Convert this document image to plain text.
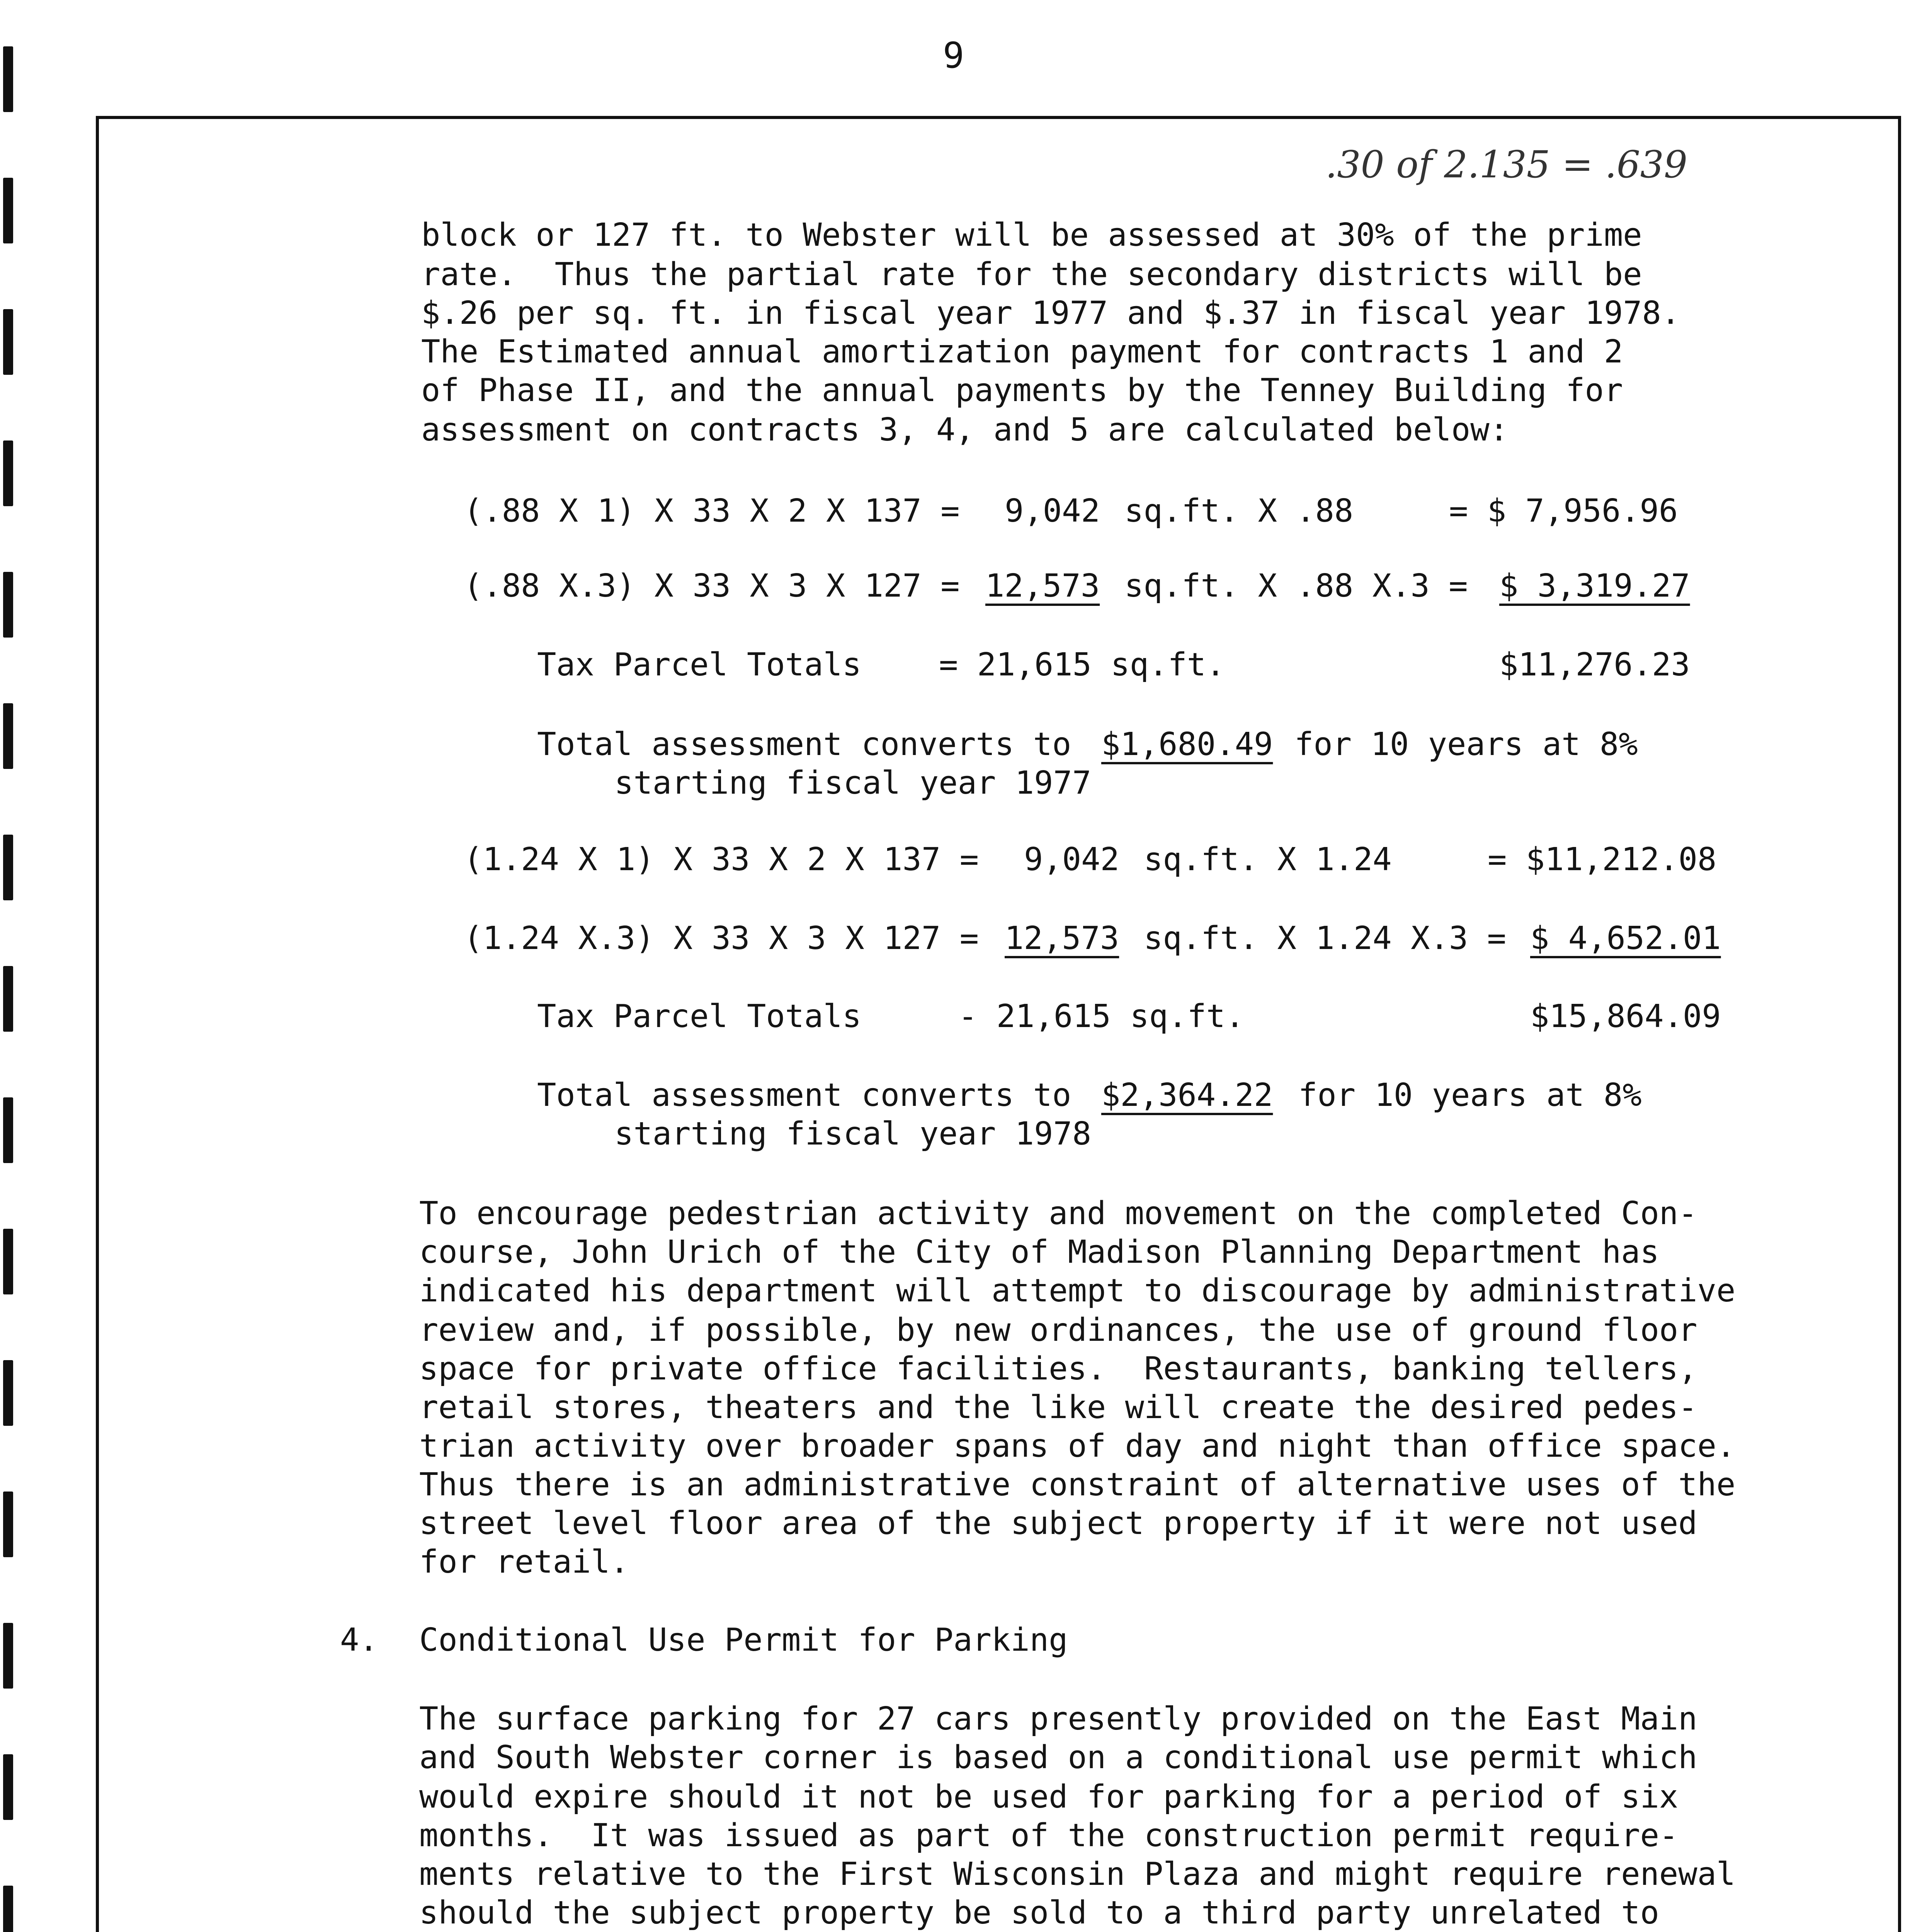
9
.30 of 2.135 = .639
block or 127 ft. to Webster will be assessed at 30% of the prime
rate.  Thus the partial rate for the secondary districts will be
$.26 per sq. ft. in fiscal year 1977 and $.37 in fiscal year 1978.
The Estimated annual amortization payment for contracts 1 and 2
of Phase II, and the annual payments by the Tenney Building for
assessment on contracts 3, 4, and 5 are calculated below:
(.88 X 1) X 33 X 2 X 137 = 9,042 sq.ft. X .88	= $ 7,956.96
(.88 X.3) X 33 X 3 X 127 = 12,573 sq.ft. X .88 X.3 = $ 3,319.27
Tax Parcel Totals = 21,615 sq.ft.	$11,276.23
Total assessment converts to $1,680.49 for 10 years at 8%
starting fiscal year 1977
(1.24 X 1) X 33 X 2 X 137 = 9,042 sq.ft. X 1.24	= $11,212.08
(1.24 X.3) X 33 X 3 X 127 = 12,573 sq.ft. X 1.24 X.3 = $ 4,652.01
Tax Parcel Totals	- 21,615 sq.ft.	$15,864.09
Total assessment converts to $2,364.22 for 10 years at 8%
starting fiscal year 1978
To encourage pedestrian activity and movement on the completed Con-
course, John Urich of the City of Madison Planning Department has
indicated his department will attempt to discourage by administrative
review and, if possible, by new ordinances, the use of ground floor
space for private office facilities.  Restaurants, banking tellers,
retail stores, theaters and the like will create the desired pedes-
trian activity over broader spans of day and night than office space.
Thus there is an administrative constraint of alternative uses of the
street level floor area of the subject property if it were not used
for retail.
4. Conditional Use Permit for Parking
The surface parking for 27 cars presently provided on the East Main
and South Webster corner is based on a conditional use permit which
would expire should it not be used for parking for a period of six
months.  It was issued as part of the construction permit require-
ments relative to the First Wisconsin Plaza and might require renewal
should the subject property be sold to a third party unrelated to
